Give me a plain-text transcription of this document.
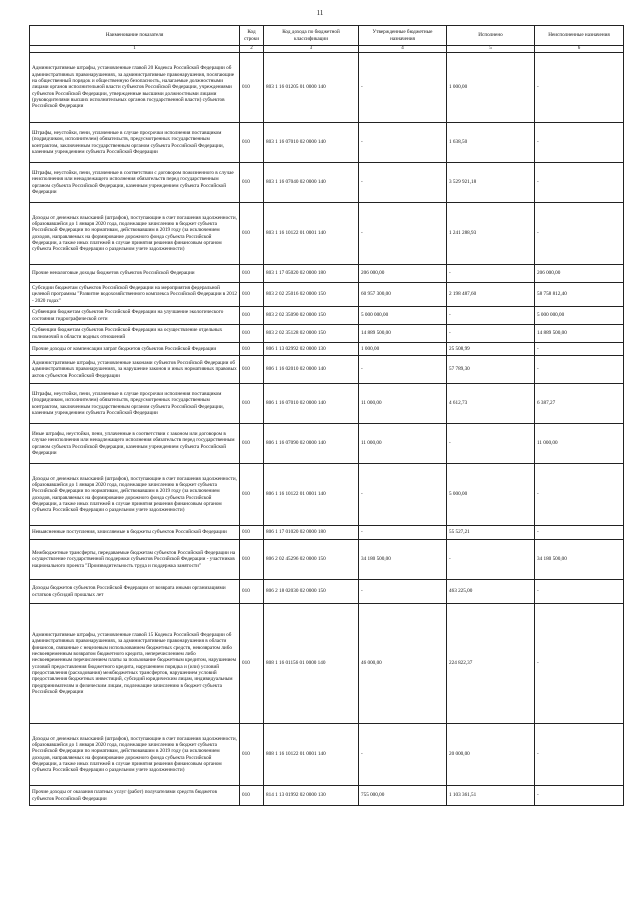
11
Наименование показателя	Код строки	Код дохода по бюджетной классификации	Утвержденные бюджетные назначения	Исполнено	Неисполненные назначения
1	2	3	4	5	6
Административные штрафы, установленные главой 20 Кодекса Российской Федерации об административных правонарушениях, за административные правонарушения, посягающие на общественный порядок и общественную безопасность, налагаемые должностными лицами органов исполнительной власти субъектов Российской Федерации, учреждениями субъектов Российской Федерации, утвержденные высшими должностными лицами (руководителями высших исполнительных органов государственной власти) субъектов Российской Федерации	010	803 1 16 01205 01 0000 140	-	1 000,00	-
Штрафы, неустойки, пени, уплаченные в случае просрочки исполнения поставщиком (подрядчиком, исполнителем) обязательств, предусмотренных государственным контрактом, заключенным государственным органом субъекта Российской Федерации, казенным учреждением субъекта Российской Федерации	010	803 1 16 07010 02 0000 140	-	1 638,50	-
Штрафы, неустойки, пени, уплаченные в соответствии с договором пожизненного в случае неисполнения или ненадлежащего исполнения обязательств перед государственным органом субъекта Российской Федерации, казенным учреждением субъекта Российской Федерации	010	803 1 16 07040 02 0000 140	-	3 529 921,18	-
Доходы от денежных взысканий (штрафов), поступающие в счет погашения задолженности, образовавшейся до 1 января 2020 года, подлежащие зачислению в бюджет субъекта Российской Федерации по нормативам, действовавшим в 2019 году (за исключением доходов, направляемых на формирование дорожного фонда субъекта Российской Федерации, а также иных платежей в случае принятия решения финансовым органом субъекта Российской Федерации о раздельном учете задолженности)	010	803 1 16 10122 01 0001 140	-	1 241 288,93	-
Прочие неналоговые доходы бюджетов субъектов Российской Федерации	010	803 1 17 05020 02 0000 180	206 000,00	-	206 000,00
Субсидии бюджетам субъектов Российской Федерации на мероприятия федеральной целевой программы "Развитие водохозяйственного комплекса Российской Федерации в 2012 - 2020 годах"	010	803 2 02 25016 02 0000 150	60 957 300,00	2 198 487,60	58 758 812,40
Субвенции бюджетам субъектов Российской Федерации на улучшение экологического состояния гидрографической сети	010	803 2 02 35090 02 0000 150	5 000 000,00	-	5 000 000,00
Субвенции бюджетам субъектов Российской Федерации на осуществление отдельных полномочий в области водных отношений	010	803 2 02 35128 02 0000 150	14 889 500,00	-	14 889 500,00
Прочие доходы от компенсации затрат бюджетов субъектов Российской Федерации	010	806 1 13 02992 02 0000 130	1 000,00	25 508,99	-
Административные штрафы, установленные законами субъектов Российской Федерации об административных правонарушениях, за нарушение законов и иных нормативных правовых актов субъектов Российской Федерации	010	806 1 16 02010 02 0000 140	-	57 789,30	-
Штрафы, неустойки, пени, уплаченные в случае просрочки исполнения поставщиком (подрядчиком, исполнителем) обязательств, предусмотренных государственным контрактом, заключенным государственным органом субъекта Российской Федерации, казенным учреждением субъекта Российской Федерации	010	806 1 16 07010 02 0000 140	11 000,00	4 612,73	6 387,27
Иные штрафы, неустойки, пени, уплаченные в соответствии с законом или договором в случае неисполнения или ненадлежащего исполнения обязательств перед государственным органом субъекта Российской Федерации, казенным учреждением субъекта Российской Федерации	010	806 1 16 07090 02 0000 140	11 000,00	-	11 000,00
Доходы от денежных взысканий (штрафов), поступающие в счет погашения задолженности, образовавшейся до 1 января 2020 года, подлежащие зачислению в бюджет субъекта Российской Федерации по нормативам, действовавшим в 2019 году (за исключением доходов, направляемых на формирование дорожного фонда субъекта Российской Федерации, а также иных платежей в случае принятия решения финансовым органом субъекта Российской Федерации о раздельном учете задолженности)	010	806 1 16 10122 01 0001 140	-	5 000,00	-
Невыясненные поступления, зачисляемые в бюджеты субъектов Российской Федерации	010	806 1 17 01020 02 0000 180	-	55 527,21	-
Межбюджетные трансферты, передаваемые бюджетам субъектов Российской Федерации на осуществление государственной поддержки субъектов Российской Федерации - участников национального проекта "Производительность труда и поддержка занятости"	010	806 2 02 45296 02 0000 150	34 180 500,00	-	34 180 500,00
Доходы бюджетов субъектов Российской Федерации от возврата иными организациями остатков субсидий прошлых лет	010	806 2 18 02030 02 0000 150	-	463 225,00	-
Административные штрафы, установленные главой 15 Кодекса Российской Федерации об административных правонарушениях, за административные правонарушения в области финансов, связанные с нецелевым использованием бюджетных средств, невозвратом либо несвоевременным возвратом бюджетного кредита, неперечислением либо несвоевременным перечислением платы за пользование бюджетным кредитом, нарушением условий предоставления бюджетного кредита, нарушением порядка и (или) условий предоставления (расходования) межбюджетных трансфертов, нарушением условий предоставления бюджетных инвестиций, субсидий юридическим лицам, индивидуальным предпринимателям и физическим лицам, подлежащие зачислению в бюджет субъекта Российской Федерации	010	808 1 16 01156 01 0000 140	46 000,00	224 822,37	-
Доходы от денежных взысканий (штрафов), поступающие в счет погашения задолженности, образовавшейся до 1 января 2020 года, подлежащие зачислению в бюджет субъекта Российской Федерации по нормативам, действовавшим в 2019 году (за исключением доходов, направляемых на формирование дорожного фонда субъекта Российской Федерации, а также иных платежей в случае принятия решения финансовым органом субъекта Российской Федерации о раздельном учете задолженности)	010	808 1 16 10122 01 0001 140	-	20 000,00	-
Прочие доходы от оказания платных услуг (работ) получателями средств бюджетов субъектов Российской Федерации	010	814 1 13 01992 02 0000 130	755 000,00	1 103 361,51	-
